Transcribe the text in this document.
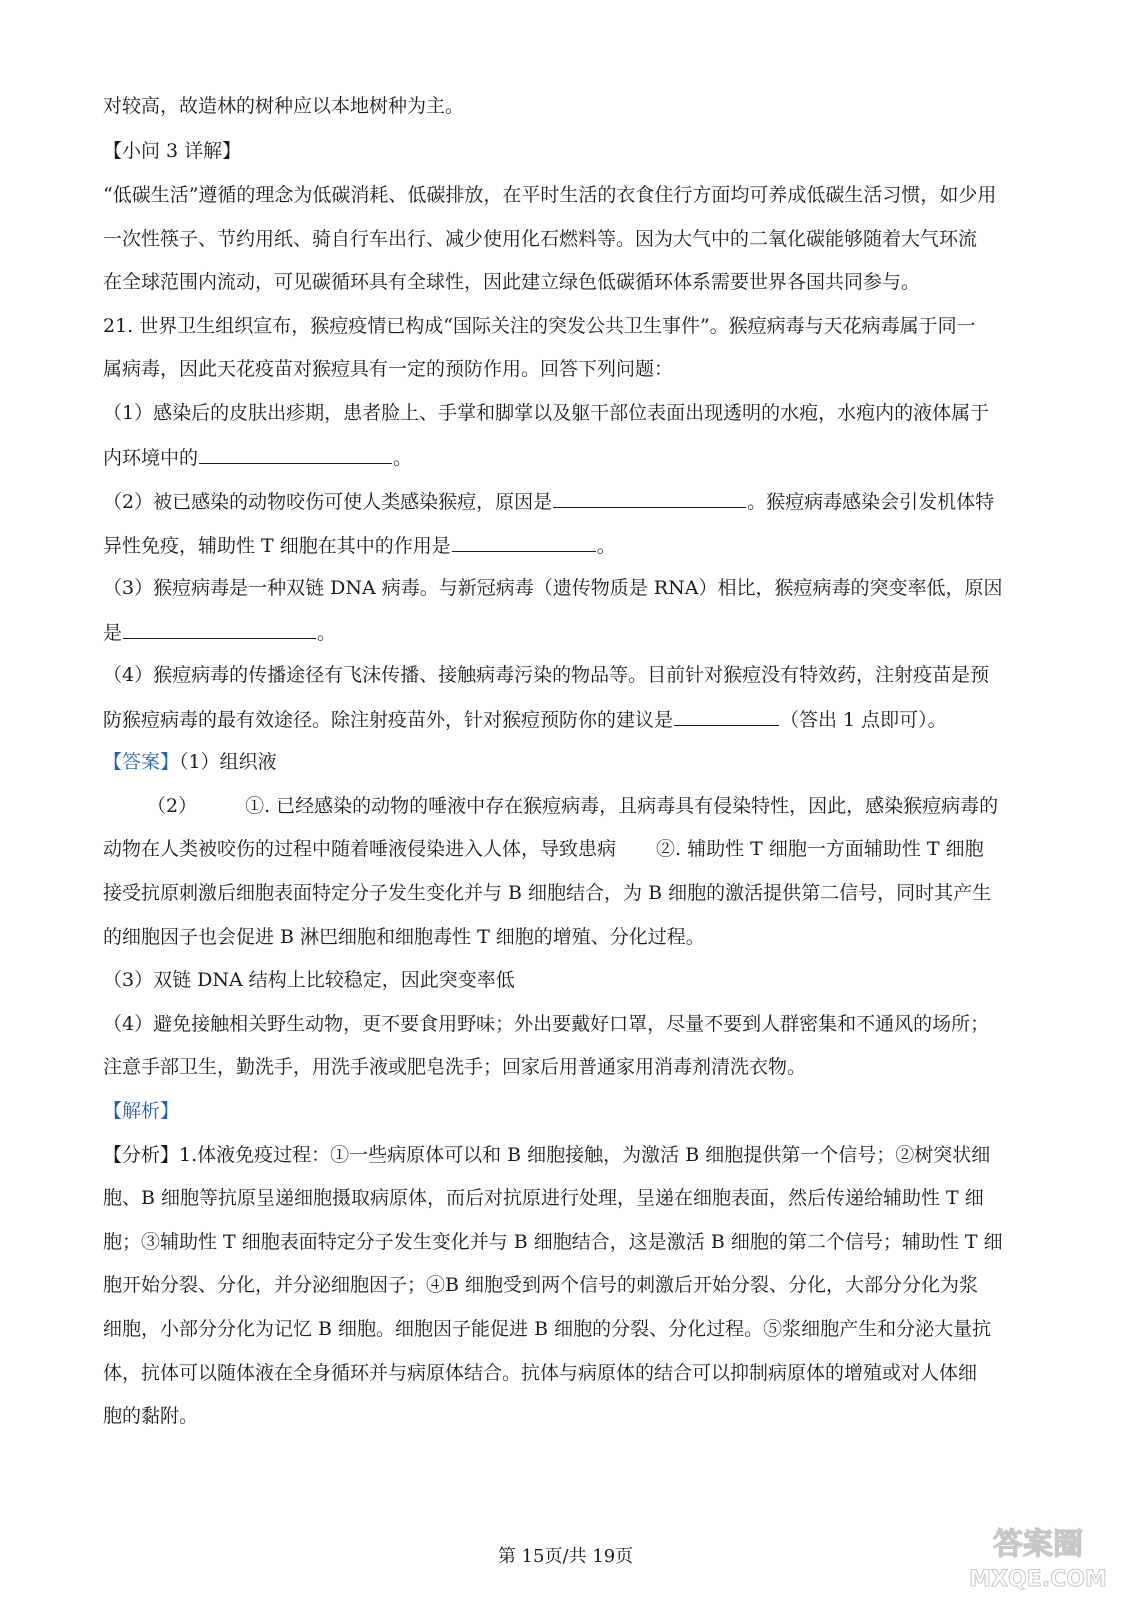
对较高，故造林的树种应以本地树种为主。
【小问 3 详解】
“低碳生活”遵循的理念为低碳消耗、低碳排放，在平时生活的衣食住行方面均可养成低碳生活习惯，如少用
一次性筷子、节约用纸、骑自行车出行、减少使用化石燃料等。因为大气中的二氧化碳能够随着大气环流
在全球范围内流动，可见碳循环具有全球性，因此建立绿色低碳循环体系需要世界各国共同参与。
21. 世界卫生组织宣布，猴痘疫情已构成“国际关注的突发公共卫生事件”。猴痘病毒与天花病毒属于同一
属病毒，因此天花疫苗对猴痘具有一定的预防作用。回答下列问题：
（1）感染后的皮肤出疹期，患者脸上、手掌和脚掌以及躯干部位表面出现透明的水疱，水疱内的液体属于
内环境中的	。
（2）被已感染的动物咬伤可使人类感染猴痘，原因是	。猴痘病毒感染会引发机体特
异性免疫，辅助性 T 细胞在其中的作用是	。
（3）猴痘病毒是一种双链 DNA 病毒。与新冠病毒（遗传物质是 RNA）相比，猴痘病毒的突变率低，原因
是	。
（4）猴痘病毒的传播途径有飞沫传播、接触病毒污染的物品等。目前针对猴痘没有特效药，注射疫苗是预
防猴痘病毒的最有效途径。除注射疫苗外，针对猴痘预防你的建议是	（答出 1 点即可）。
【答案】（1）组织液
（2）	①. 已经感染的动物的唾液中存在猴痘病毒，且病毒具有侵染特性，因此，感染猴痘病毒的
动物在人类被咬伤的过程中随着唾液侵染进入人体，导致患病 ②. 辅助性 T 细胞一方面辅助性 T 细胞
接受抗原刺激后细胞表面特定分子发生变化并与 B 细胞结合，为 B 细胞的激活提供第二信号，同时其产生
的细胞因子也会促进 B 淋巴细胞和细胞毒性 T 细胞的增殖、分化过程。
（3）双链 DNA 结构上比较稳定，因此突变率低
（4）避免接触相关野生动物，更不要食用野味；外出要戴好口罩，尽量不要到人群密集和不通风的场所；
注意手部卫生，勤洗手，用洗手液或肥皂洗手；回家后用普通家用消毒剂清洗衣物。
【解析】
【分析】1.体液免疫过程：①一些病原体可以和 B 细胞接触，为激活 B 细胞提供第一个信号；②树突状细
胞、B 细胞等抗原呈递细胞摄取病原体，而后对抗原进行处理，呈递在细胞表面，然后传递给辅助性 T 细
胞；③辅助性 T 细胞表面特定分子发生变化并与 B 细胞结合，这是激活 B 细胞的第二个信号；辅助性 T 细
胞开始分裂、分化，并分泌细胞因子；④B 细胞受到两个信号的刺激后开始分裂、分化，大部分分化为浆
细胞，小部分分化为记忆 B 细胞。细胞因子能促进 B 细胞的分裂、分化过程。⑤浆细胞产生和分泌大量抗
体，抗体可以随体液在全身循环并与病原体结合。抗体与病原体的结合可以抑制病原体的增殖或对人体细
胞的黏附。
第 15页/共 19页	答案圈
MXQE.COM
